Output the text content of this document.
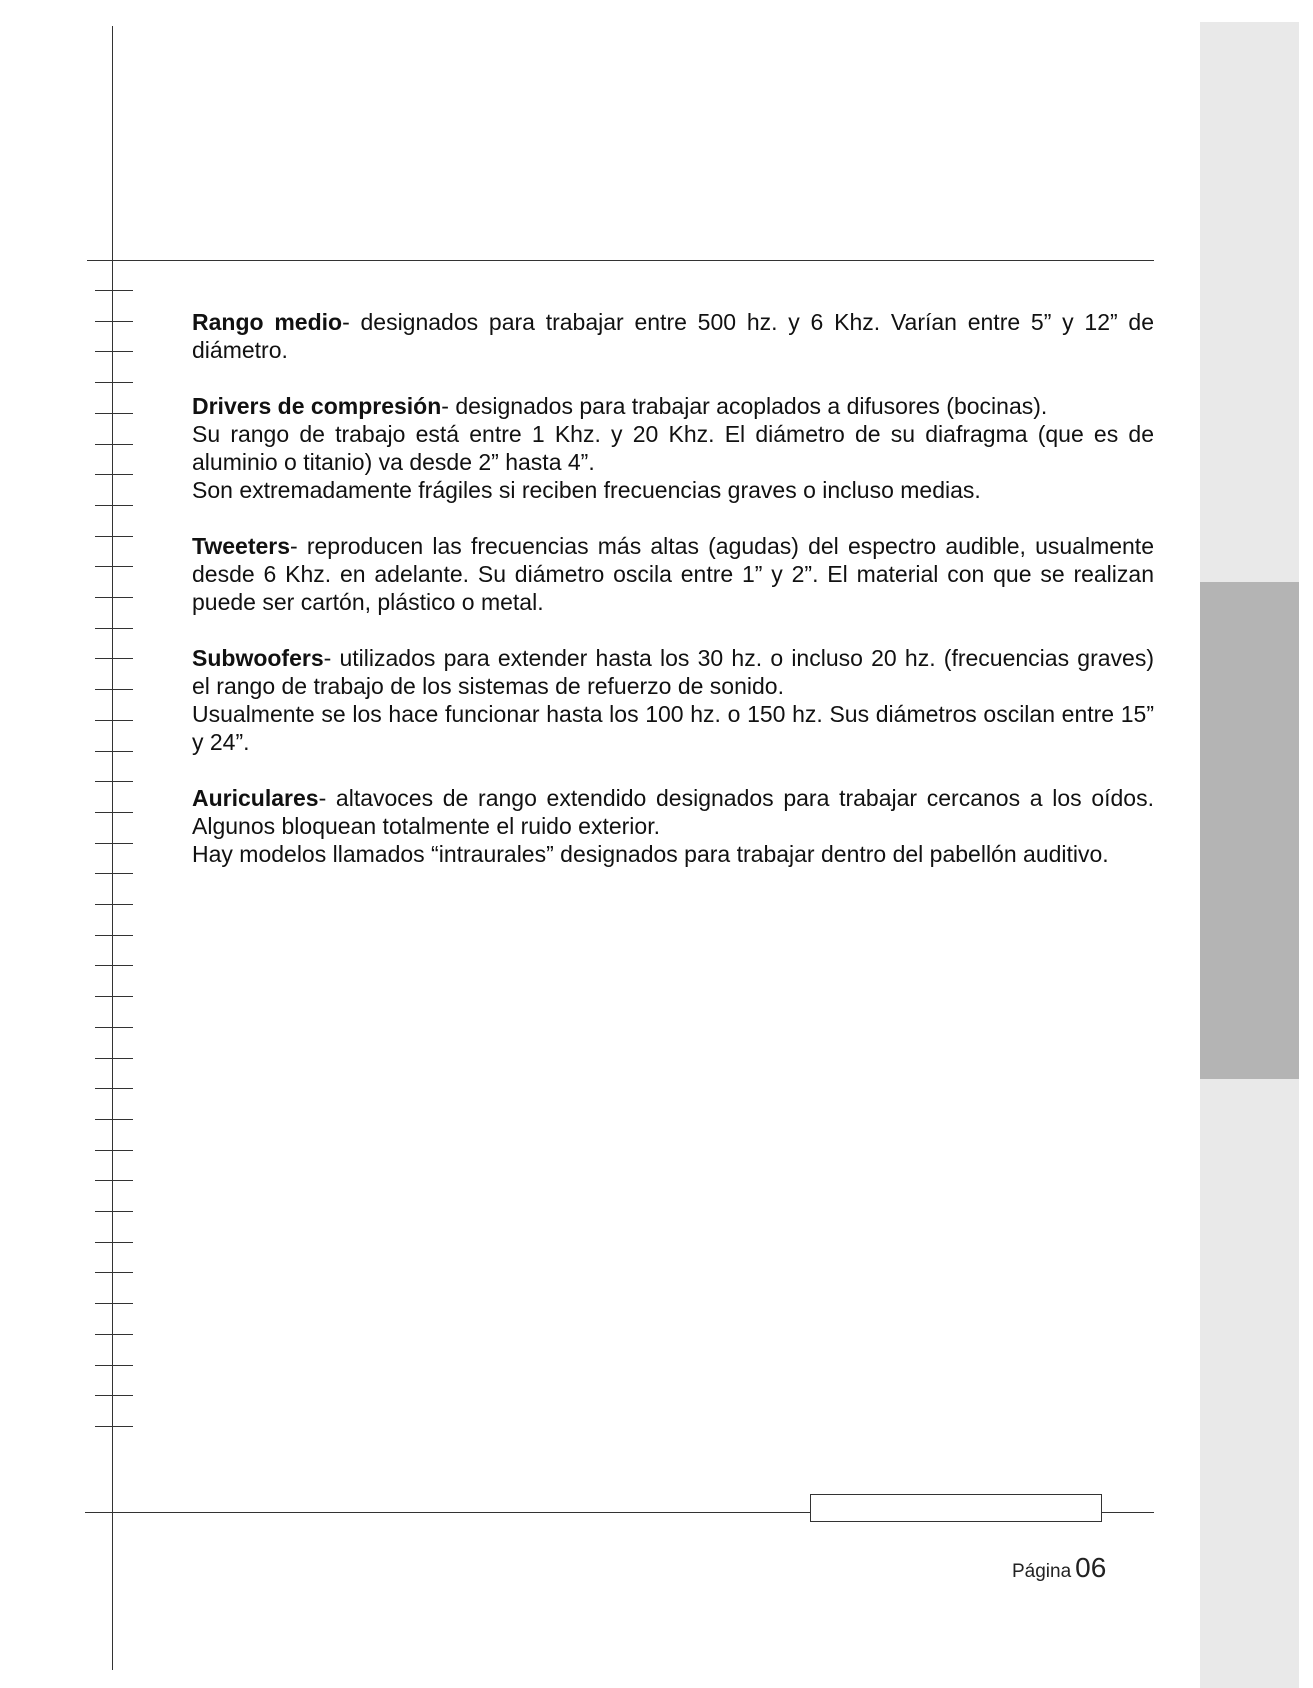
Rango medio- designados para trabajar entre 500 hz. y 6 Khz. Varían entre 5” y 12” de diámetro.

Drivers de compresión- designados para trabajar acoplados a difusores (bocinas).
Su rango de trabajo está entre 1 Khz. y 20 Khz. El diámetro de su diafragma (que es de aluminio o titanio) va desde 2” hasta 4”.
Son extremadamente frágiles si reciben frecuencias graves o incluso medias.

Tweeters- reproducen las frecuencias más altas (agudas) del espectro audible, usualmente desde 6 Khz. en adelante. Su diámetro oscila entre 1” y 2”. El material con que se realizan puede ser cartón, plástico o metal.

Subwoofers- utilizados para extender hasta los 30 hz. o incluso 20 hz. (frecuencias graves) el rango de trabajo de los sistemas de refuerzo de sonido.
Usualmente se los hace funcionar hasta los 100 hz. o 150 hz. Sus diámetros oscilan entre 15” y 24”.

Auriculares- altavoces de rango extendido designados para trabajar cercanos a los oídos. Algunos bloquean totalmente el ruido exterior.
Hay modelos llamados “intraurales” designados para trabajar dentro del pabellón auditivo.

Página 06
